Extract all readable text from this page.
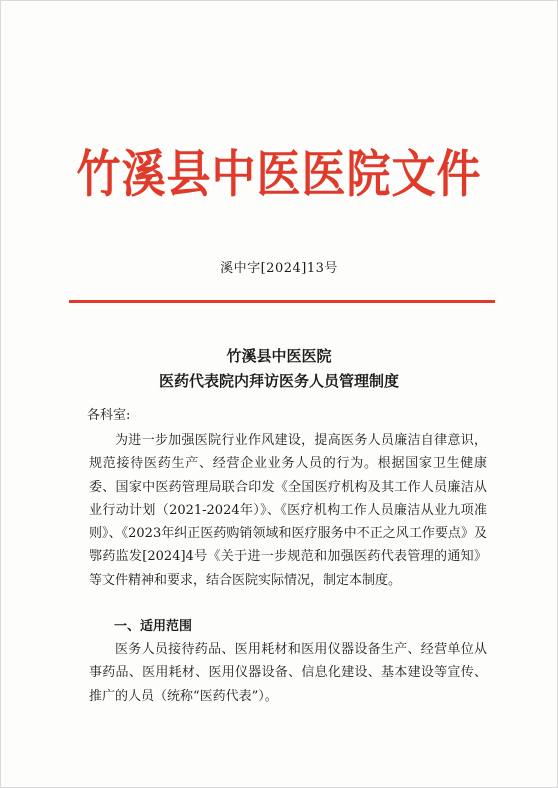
竹溪县中医医院文件
溪中字[2024]13号
竹溪县中医医院
医药代表院内拜访医务人员管理制度
各科室:

为进一步加强医院行业作风建设，提高医务人员廉洁自律意识，规范接待医药生产、经营企业业务人员的行为。根据国家卫生健康委、国家中医药管理局联合印发《全国医疗机构及其工作人员廉洁从业行动计划（2021-2024年）》、《医疗机构工作人员廉洁从业九项准则》、《2023年纠正医药购销领域和医疗服务中不正之风工作要点》及鄂药监发[2024]4号《关于进一步规范和加强医药代表管理的通知》等文件精神和要求，结合医院实际情况，制定本制度。

一、适用范围

医务人员接待药品、医用耗材和医用仪器设备生产、经营单位从事药品、医用耗材、医用仪器设备、信息化建设、基本建设等宣传、推广的人员（统称“医药代表”）。
